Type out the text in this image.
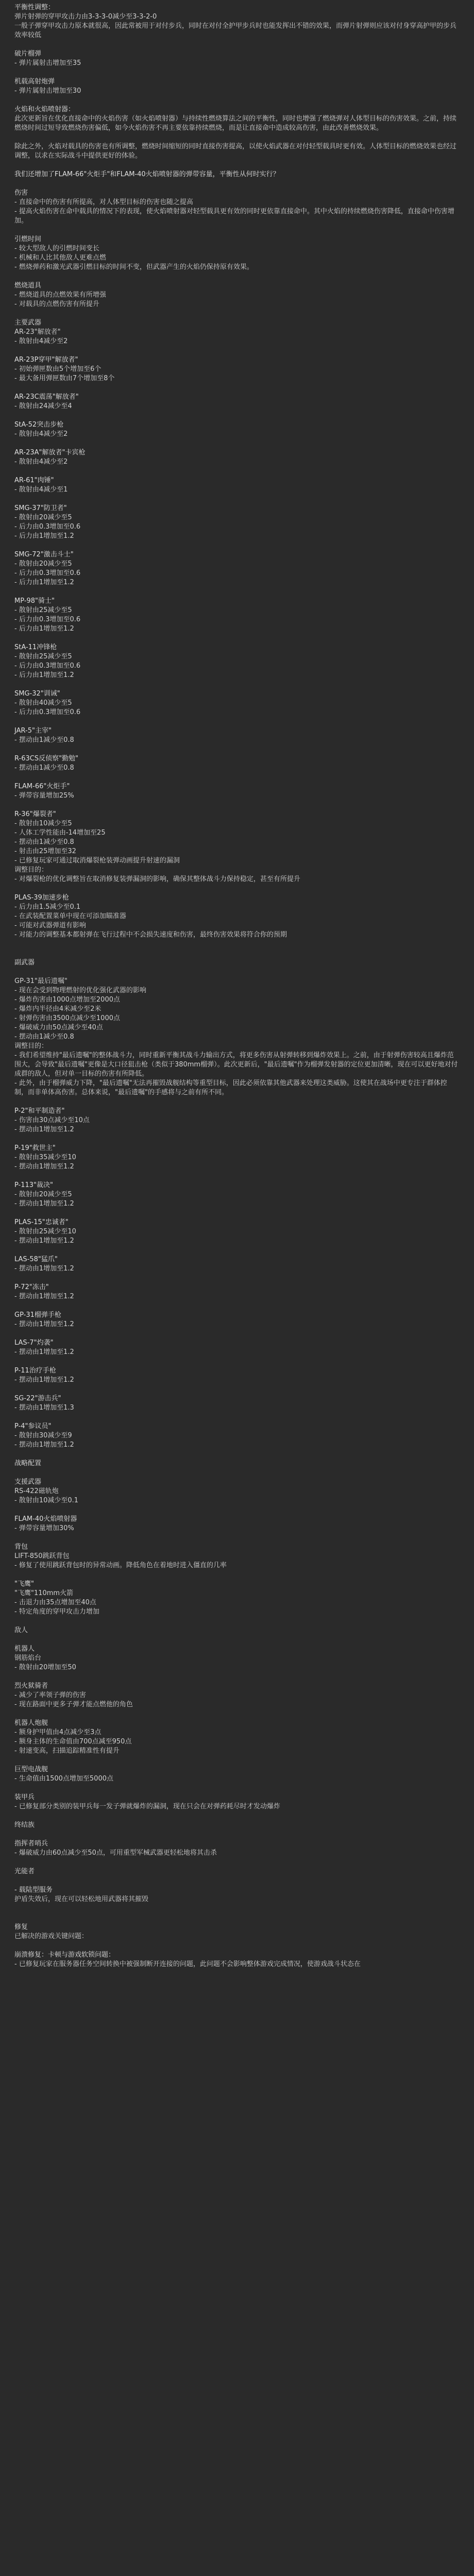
平衡性调整：
弹片射弹的穿甲攻击力由3-3-3-0减少至3-3-2-0
一般子弹穿甲攻击力原本就很高，因此常被用于对付步兵，同时在对付全护甲步兵时也能发挥出不错的效果，而弹片射弹则应该对付身穿高护甲的步兵效率较低
破片榴弹
- 弹片属射击增加至35
机载高射炮弹
- 弹片属射击增加至30
火焰和火焰喷射器：
此次更新旨在优化直接命中的火焰伤害（如火焰喷射器）与持续性燃烧算法之间的平衡性，同时也增强了燃烧弹对人体型目标的伤害效果。之前，持续燃烧时间过短导致燃烧伤害偏低，如今火焰伤害不再主要依靠持续燃烧，而是让直接命中造成较高伤害，由此改善燃烧效果。
除此之外，火焰对载具的伤害也有所调整，燃烧时间缩短的同时直接伤害提高，以使火焰武器在对付轻型载具时更有效。人体型目标的燃烧效果也经过调整，以求在实际战斗中提供更好的体验。
我们还增加了FLAM-66"火炬手"和FLAM-40火焰喷射器的弹带容量，平衡性从何时实行？
伤害
- 直接命中的伤害有所提高，对人体型目标的伤害也随之提高
- 提高火焰伤害在命中载具的情况下的表现，使火焰喷射器对轻型载具更有效的同时更依靠直接命中。其中火焰的持续燃烧伤害降低，直接命中伤害增加。
引燃时间
- 较大型敌人的引燃时间变长
- 机械和人比其他敌人更难点燃
- 燃烧弹药和激光武器引燃目标的时间不变，但武器产生的火焰仍保持原有效果。
燃烧道具
- 燃烧道具的点燃效果有所增强
- 对载具的点燃伤害有所提升
主要武器
AR-23"解放者"
- 散射由4减少至2
AR-23P穿甲"解放者"
- 初始弹匣数由5个增加至6个
- 最大备用弹匣数由7个增加至8个
AR-23C震荡"解放者"
- 散射由24减少至4
StA-52突击步枪
- 散射由4减少至2
AR-23A"解放者"卡宾枪
- 散射由4减少至2
AR-61"肉锤"
- 散射由4减少至1
SMG-37"防卫者"
- 散射由20减少至5
- 后力由0.3增加至0.6
- 后力由1增加至1.2
SMG-72"激击斗士"
- 散射由20减少至5
- 后力由0.3增加至0.6
- 后力由1增加至1.2
MP-98"骑士"
- 散射由25减少至5
- 后力由0.3增加至0.6
- 后力由1增加至1.2
StA-11冲锋枪
- 散射由25减少至5
- 后力由0.3增加至0.6
- 后力由1增加至1.2
SMG-32"训诫"
- 散射由40减少至5
- 后力由0.3增加至0.6
JAR-5"主宰"
- 摆动由1减少至0.8
R-63CS反侦察"勤勉"
- 摆动由1减少至0.8
FLAM-66"火炬手"
- 弹带容量增加25%
R-36"爆裂者"
- 散射由10减少至5
- 人体工学性能由-14增加至25
- 摆动由1减少至0.8
- 射击由25增加至32
- 已修复玩家可通过取消爆裂枪装弹动画提升射速的漏洞
调整目的：
- 对爆裂枪的优化调整旨在取消修复装弹漏洞的影响，确保其整体战斗力保持稳定，甚至有所提升
PLAS-39加速步枪
- 后力由1.5减少至0.1
- 在武装配置菜单中现在可添加瞄准器
- 可能对武器弹道有影响
- 对能力的调整基本都射弹在飞行过程中不会损失速度和伤害，最终伤害效果将符合你的预期
副武器
GP-31"最后遗嘱"
- 现在会受到物理燃射的优化强化武器的影响
- 爆炸伤害由1000点增加至2000点
- 爆炸内半径由4米减少至2米
- 射弹伤害由3500点减少至1000点
- 爆破威力由50点减少至40点
- 摆动由1减少至0.8
调整目的：
- 我们希望维持"最后遗嘱"的整体战斗力，同时重新平衡其战斗力输出方式，将更多伤害从射弹转移到爆炸效果上。之前，由于射弹伤害较高且爆炸范围大，会导致"最后遗嘱"更像是大口径狙击枪（类似于380mm榴弹）。此次更新后，"最后遗嘱"作为榴弹发射器的定位更加清晰，现在可以更好地对付成群的敌人，但对单一目标的伤害有所降低。
- 此外，由于榴弹威力下降，"最后遗嘱"无法再摧毁战舰结构等重型目标，因此必须依靠其他武器来处理这类威胁。这使其在战场中更专注于群体控制，而非单体高伤害。总体来说，"最后遗嘱"的手感将与之前有所不同。
P-2"和平制造者"
- 伤害由30点减少至10点
- 摆动由1增加至1.2
P-19"救世主"
- 散射由35减少至10
- 摆动由1增加至1.2
P-113"裁决"
- 散射由20减少至5
- 摆动由1增加至1.2
PLAS-15"忠诚者"
- 散射由25减少至10
- 摆动由1增加至1.2
LAS-58"猛爪"
- 摆动由1增加至1.2
P-72"冻击"
- 摆动由1增加至1.2
GP-31榴弹手枪
- 摆动由1增加至1.2
LAS-7"灼袭"
- 摆动由1增加至1.2
P-11治疗手枪
- 摆动由1增加至1.2
SG-22"游击兵"
- 摆动由1增加至1.3
P-4"参议员"
- 散射由30减少至9
- 摆动由1增加至1.2
战略配置
支援武器
RS-422磁轨炮
- 散射由10减少至0.1
FLAM-40火焰喷射器
- 弹带容量增加30%
背包
LIFT-850跳跃背包
- 修复了使用跳跃背包时的异常动画。降低角色在着地时进入僵直的几率
"飞鹰"
"飞鹰"110mm火箭
- 击退力由35点增加至40点
- 特定角度的穿甲攻击力增加
敌人
机器人
钢筋焰台
- 散射由20增加至50
烈火狱骑者
- 减少了率领子弹的伤害
- 现在路面中更多子弹才能点燃他的角色
机器人炮舰
- 额身护甲值由4点减少至3点
- 额身主体的生命值由700点减至950点
- 射速变高，扫描追踪精准性有提升
巨型电战舰
- 生命值由1500点增加至5000点
装甲兵
- 已修复部分类别的装甲兵每一发子弹就爆炸的漏洞，现在只会在对弹药耗尽时才发动爆炸
终结族
指挥者哨兵
- 爆破威力由60点减少至50点，可用重型军械武器更轻松地将其击杀
光能者
- 载陆型服务
护盾失效后，现在可以轻松地用武器将其摧毁
修复
已解决的游戏关键问题：
崩溃修复：卡顿与游戏软锁问题：
- 已修复玩家在服务器任务空间转换中被强制断开连接的问题，此问题不会影响整体游戏完成情况，使游戏战斗状态在
